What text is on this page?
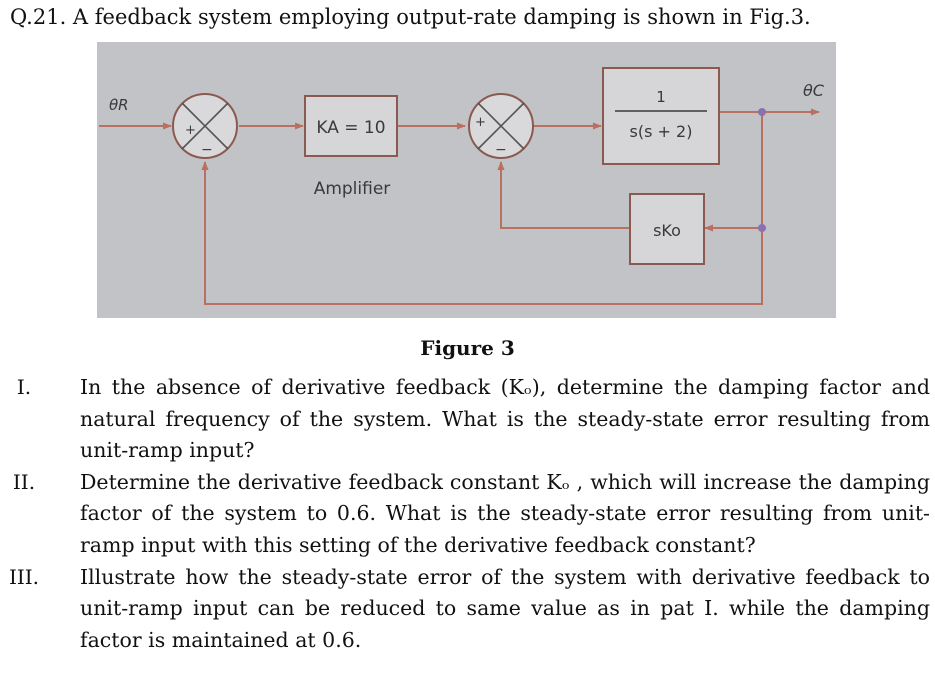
Q.21. A feedback system employing output-rate damping is shown in Fig.3.
+
−
+
−
KA = 10
Amplifier
1
s(s + 2)
sKo
θR
θC
Figure 3
I.	In the absence of derivative feedback (Kₒ), determine the damping factor and natural frequency of the system. What is the steady-state error resulting from unit-ramp input?
II.	Determine the derivative feedback constant Kₒ , which will increase the damping factor of the system to 0.6. What is the steady-state error resulting from unit-ramp input with this setting of the derivative feedback constant?
III.	Illustrate how the steady-state error of the system with derivative feedback to unit-ramp input can be reduced to same value as in pat I. while the damping factor is maintained at 0.6.
